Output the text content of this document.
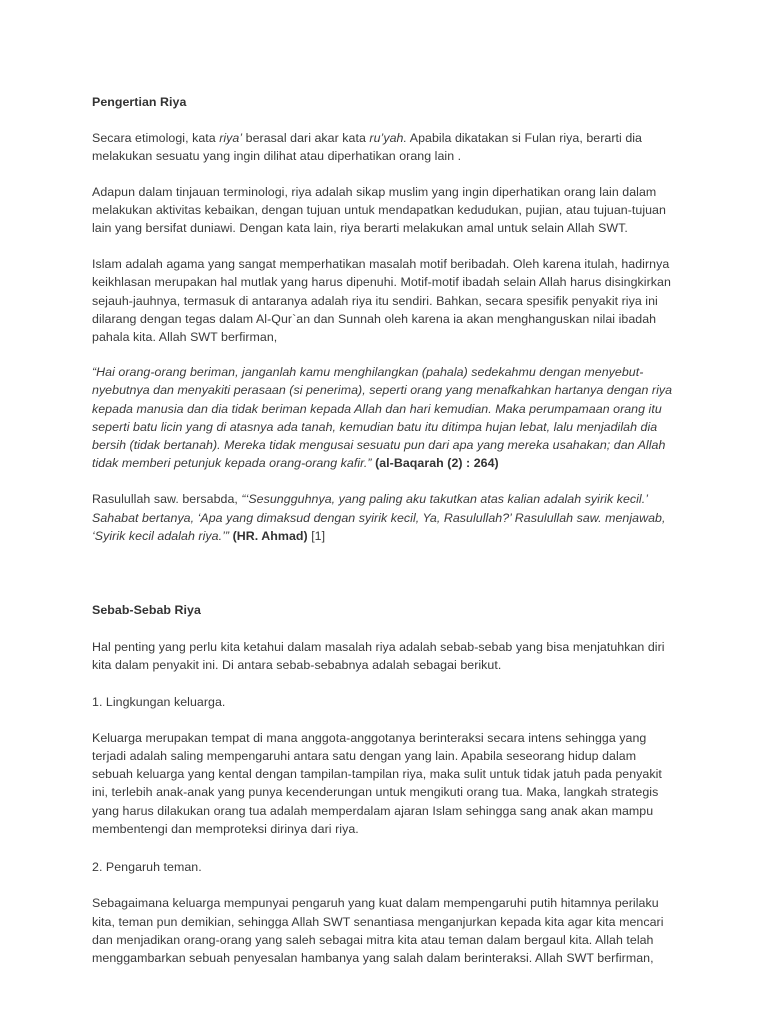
Pengertian Riya

Secara etimologi, kata riya’ berasal dari akar kata ru’yah. Apabila dikatakan si Fulan riya, berarti dia melakukan sesuatu yang ingin dilihat atau diperhatikan orang lain .

Adapun dalam tinjauan terminologi, riya adalah sikap muslim yang ingin diperhatikan orang lain dalam melakukan aktivitas kebaikan, dengan tujuan untuk mendapatkan kedudukan, pujian, atau tujuan-tujuan lain yang bersifat duniawi. Dengan kata lain, riya berarti melakukan amal untuk selain Allah SWT.

Islam adalah agama yang sangat memperhatikan masalah motif beribadah. Oleh karena itulah, hadirnya keikhlasan merupakan hal mutlak yang harus dipenuhi. Motif-motif ibadah selain Allah harus disingkirkan sejauh-jauhnya, termasuk di antaranya adalah riya itu sendiri. Bahkan, secara spesifik penyakit riya ini dilarang dengan tegas dalam Al-Qur`an dan Sunnah oleh karena ia akan menghanguskan nilai ibadah pahala kita. Allah SWT berfirman,

“Hai orang-orang beriman, janganlah kamu menghilangkan (pahala) sedekahmu dengan menyebut-nyebutnya dan menyakiti perasaan (si penerima), seperti orang yang menafkahkan hartanya dengan riya kepada manusia dan dia tidak beriman kepada Allah dan hari kemudian. Maka perumpamaan orang itu seperti batu licin yang di atasnya ada tanah, kemudian batu itu ditimpa hujan lebat, lalu menjadilah dia bersih (tidak bertanah). Mereka tidak mengusai sesuatu pun dari apa yang mereka usahakan; dan Allah tidak memberi petunjuk kepada orang-orang kafir.” (al-Baqarah (2) : 264)

Rasulullah saw. bersabda, “‘Sesungguhnya, yang paling aku takutkan atas kalian adalah syirik kecil.’ Sahabat bertanya, ‘Apa yang dimaksud dengan syirik kecil, Ya, Rasulullah?’ Rasulullah saw. menjawab, ‘Syirik kecil adalah riya.’” (HR. Ahmad) [1]

Sebab-Sebab Riya

Hal penting yang perlu kita ketahui dalam masalah riya adalah sebab-sebab yang bisa menjatuhkan diri kita dalam penyakit ini. Di antara sebab-sebabnya adalah sebagai berikut.

1. Lingkungan keluarga.

Keluarga merupakan tempat di mana anggota-anggotanya berinteraksi secara intens sehingga yang terjadi adalah saling mempengaruhi antara satu dengan yang lain. Apabila seseorang hidup dalam sebuah keluarga yang kental dengan tampilan-tampilan riya, maka sulit untuk tidak jatuh pada penyakit ini, terlebih anak-anak yang punya kecenderungan untuk mengikuti orang tua. Maka, langkah strategis yang harus dilakukan orang tua adalah memperdalam ajaran Islam sehingga sang anak akan mampu membentengi dan memproteksi dirinya dari riya.

2. Pengaruh teman.

Sebagaimana keluarga mempunyai pengaruh yang kuat dalam mempengaruhi putih hitamnya perilaku kita, teman pun demikian, sehingga Allah SWT senantiasa menganjurkan kepada kita agar kita mencari dan menjadikan orang-orang yang saleh sebagai mitra kita atau teman dalam bergaul kita. Allah telah menggambarkan sebuah penyesalan hambanya yang salah dalam berinteraksi. Allah SWT berfirman,
